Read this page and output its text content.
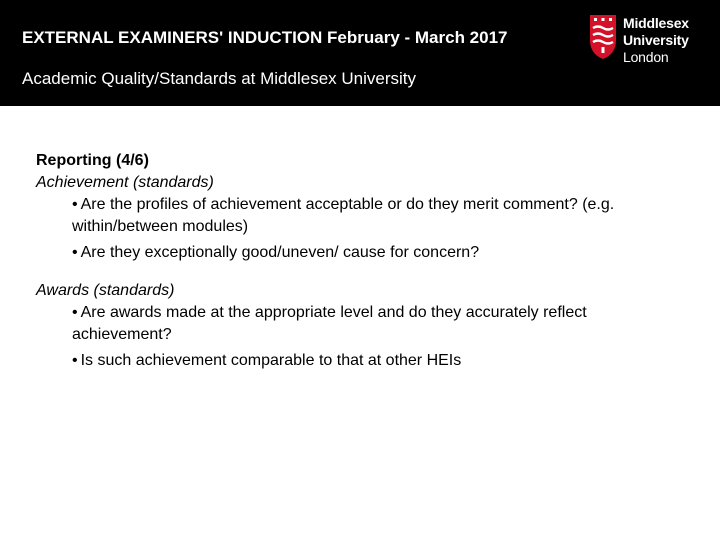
EXTERNAL EXAMINERS' INDUCTION February - March 2017
Academic Quality/Standards at Middlesex University
Middlesex
University
London
Reporting (4/6)
Achievement (standards)
• Are the profiles of achievement acceptable or do they merit comment? (e.g. within/between modules)
• Are they exceptionally good/uneven/ cause for concern?
Awards (standards)
• Are awards made at the appropriate level and do they accurately reflect achievement?
• Is such achievement comparable to that at other HEIs
